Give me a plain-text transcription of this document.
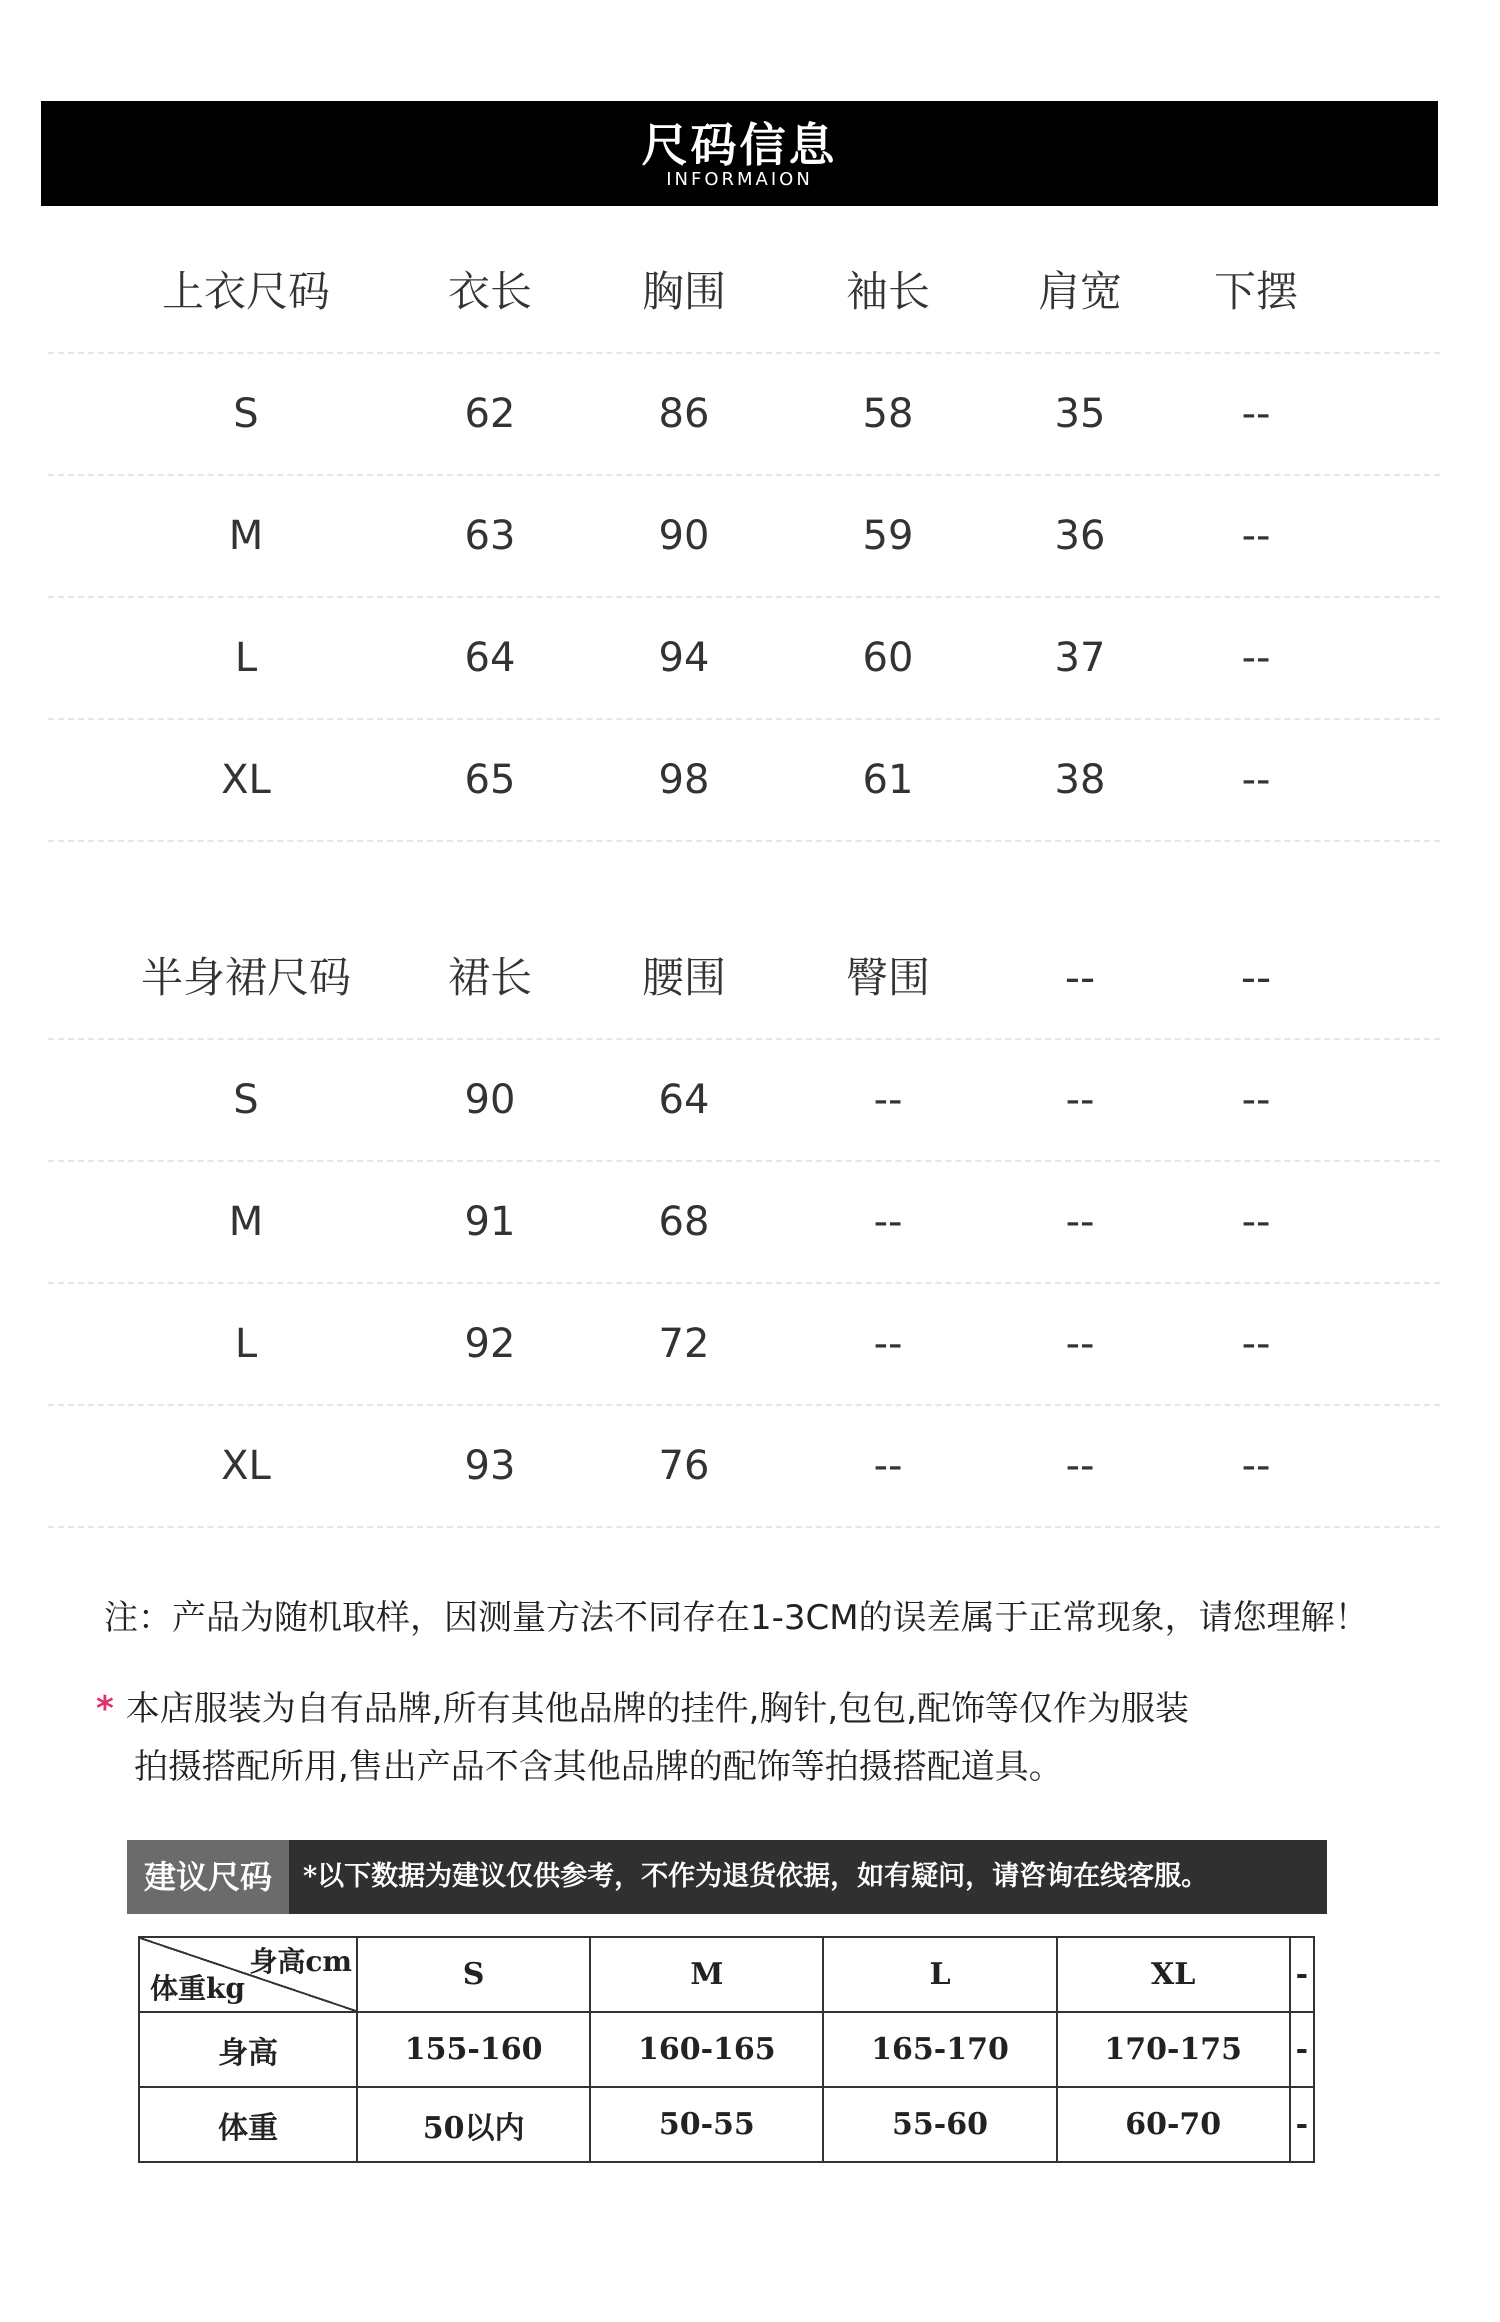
尺码信息
INFORMAION
上衣尺码	衣长	胸围	袖长	肩宽	下摆
S	62	86	58	35	--
M	63	90	59	36	--
L	64	94	60	37	--
XL	65	98	61	38	--
半身裙尺码	裙长	腰围	臀围	--	--
S	90	64	--	--	--
M	91	68	--	--	--
L	92	72	--	--	--
XL	93	76	--	--	--
注：产品为随机取样，因测量方法不同存在1-3CM的误差属于正常现象，请您理解！
* 本店服装为自有品牌,所有其他品牌的挂件,胸针,包包,配饰等仅作为服装
拍摄搭配所用,售出产品不含其他品牌的配饰等拍摄搭配道具。
建议尺码	*以下数据为建议仅供参考，不作为退货依据，如有疑问，请咨询在线客服。
身高cm
体重kg	S	M	L	XL	-
身高	155-160	160-165	165-170	170-175	-
体重	50以内	50-55	55-60	60-70	-
